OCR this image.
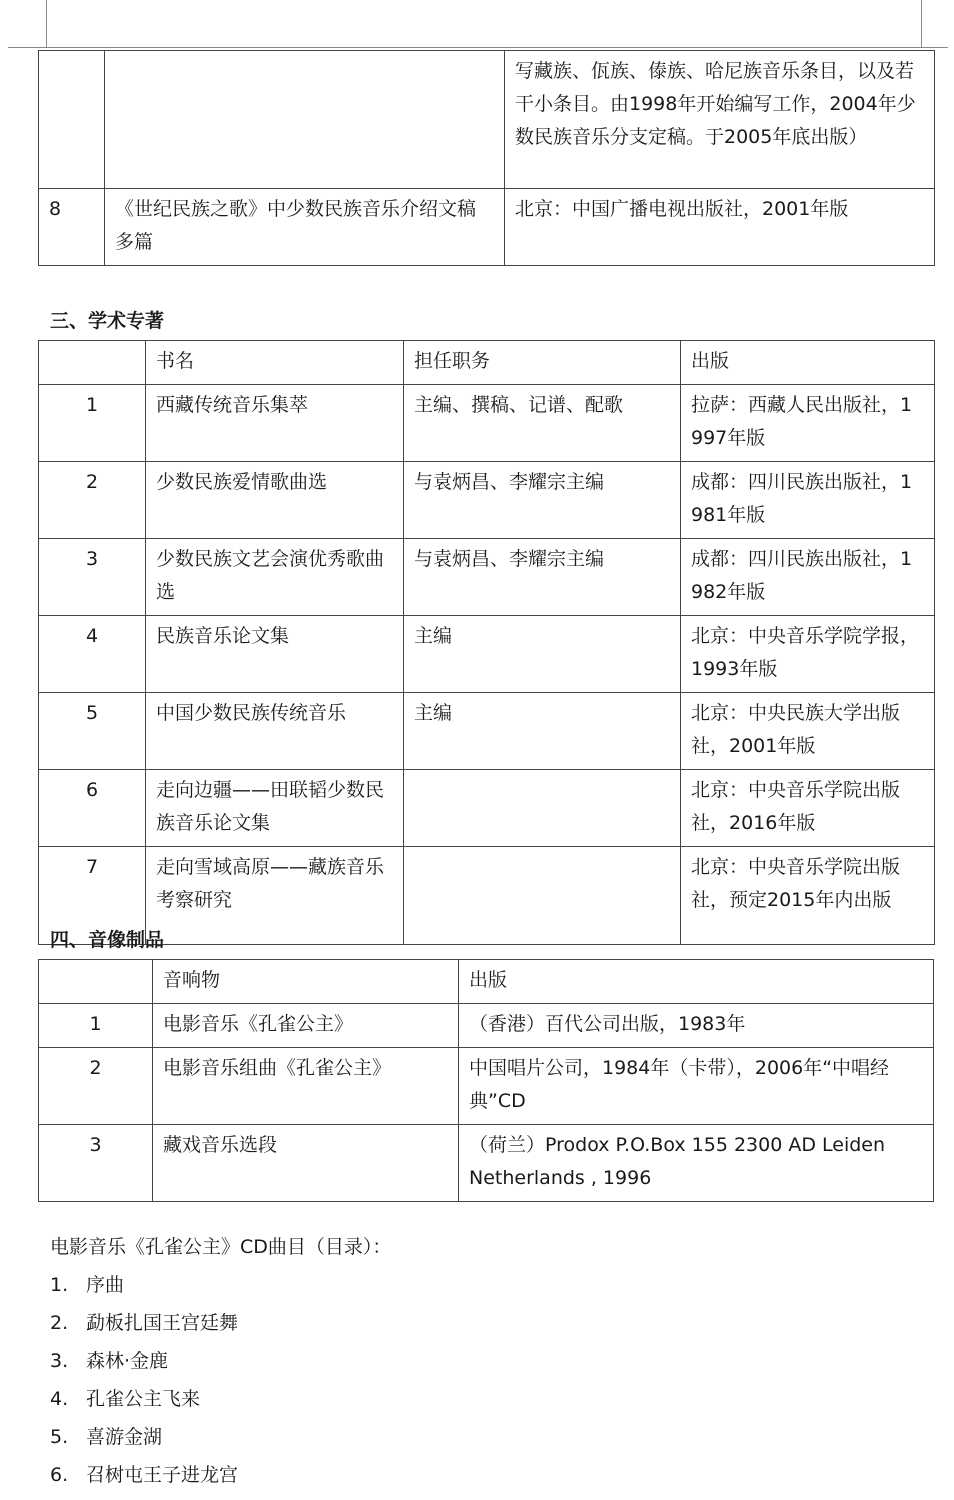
		写藏族、佤族、傣族、哈尼族音乐条目，以及若干小条目。由1998年开始编写工作，2004年少数民族音乐分支定稿。于2005年底出版）
8	《世纪民族之歌》中少数民族音乐介绍文稿多篇	北京：中国广播电视出版社，2001年版
三、学术专著
	书名	担任职务	出版
1	西藏传统音乐集萃	主编、撰稿、记谱、配歌	拉萨：西藏人民出版社，1997年版
2	少数民族爱情歌曲选	与袁炳昌、李耀宗主编	成都：四川民族出版社，1981年版
3	少数民族文艺会演优秀歌曲选	与袁炳昌、李耀宗主编	成都：四川民族出版社，1982年版
4	民族音乐论文集	主编	北京：中央音乐学院学报，1993年版
5	中国少数民族传统音乐	主编	北京：中央民族大学出版社，2001年版
6	走向边疆——田联韬少数民族音乐论文集		北京：中央音乐学院出版社，2016年版
7	走向雪域高原——藏族音乐考察研究		北京：中央音乐学院出版社，预定2015年内出版
四、音像制品
	音响物	出版
1	电影音乐《孔雀公主》	（香港）百代公司出版，1983年
2	电影音乐组曲《孔雀公主》	中国唱片公司，1984年（卡带），2006年“中唱经典”CD
3	藏戏音乐选段	（荷兰）Prodox P.O.Box 155 2300 AD Leiden Netherlands , 1996
电影音乐《孔雀公主》CD曲目（目录）：
1. 序曲
2. 勐板扎国王宫廷舞
3. 森林·金鹿
4. 孔雀公主飞来
5. 喜游金湖
6. 召树屯王子进龙宫
